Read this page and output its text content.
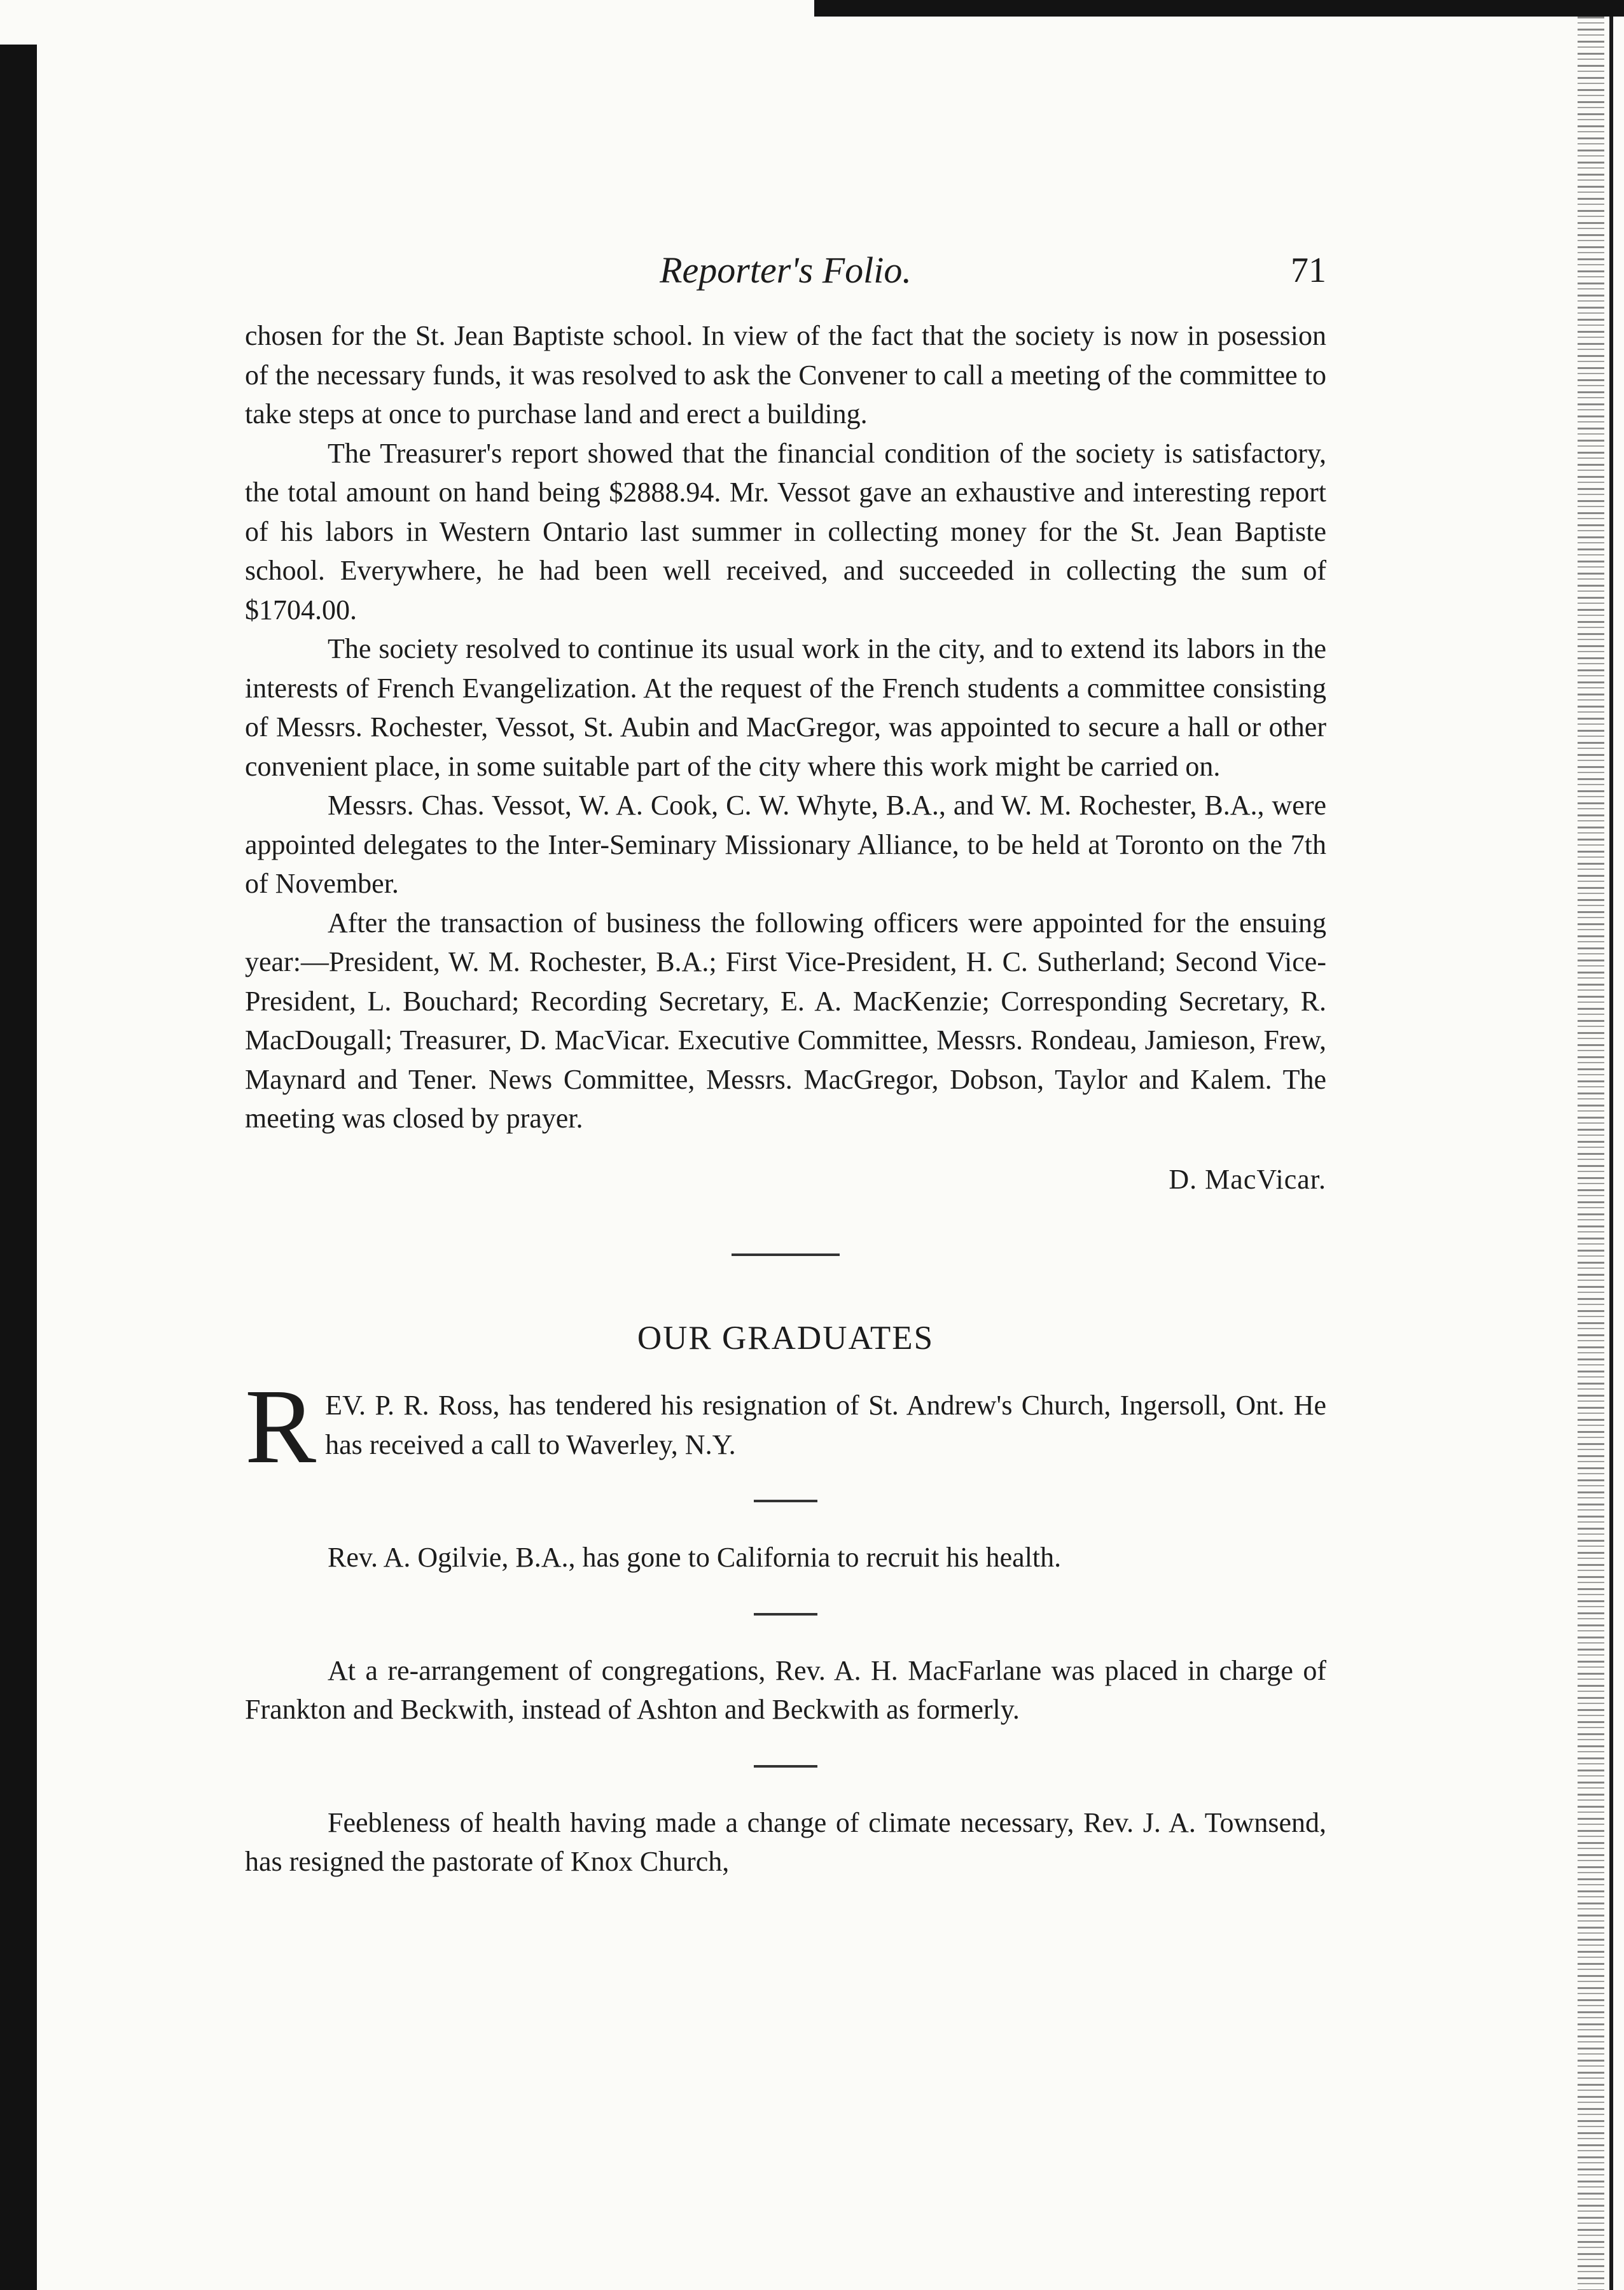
Reporter's Folio.	71

chosen for the St. Jean Baptiste school. In view of the fact that the society is now in posession of the necessary funds, it was resolved to ask the Convener to call a meeting of the committee to take steps at once to purchase land and erect a building.

The Treasurer's report showed that the financial condition of the society is satisfactory, the total amount on hand being $2888.94. Mr. Vessot gave an exhaustive and interesting report of his labors in Western Ontario last summer in collecting money for the St. Jean Baptiste school. Everywhere, he had been well received, and succeeded in collecting the sum of $1704.00.

The society resolved to continue its usual work in the city, and to extend its labors in the interests of French Evangelization. At the request of the French students a committee consisting of Messrs. Rochester, Vessot, St. Aubin and MacGregor, was appointed to secure a hall or other convenient place, in some suitable part of the city where this work might be carried on.

Messrs. Chas. Vessot, W. A. Cook, C. W. Whyte, B.A., and W. M. Rochester, B.A., were appointed delegates to the Inter-Seminary Missionary Alliance, to be held at Toronto on the 7th of November.

After the transaction of business the following officers were appointed for the ensuing year:—President, W. M. Rochester, B.A.; First Vice-President, H. C. Sutherland; Second Vice-President, L. Bouchard; Recording Secretary, E. A. MacKenzie; Corresponding Secretary, R. MacDougall; Treasurer, D. MacVicar. Executive Committee, Messrs. Rondeau, Jamieson, Frew, Maynard and Tener. News Committee, Messrs. MacGregor, Dobson, Taylor and Kalem. The meeting was closed by prayer.

D. MacVicar.

OUR GRADUATES

R EV. P. R. Ross, has tendered his resignation of St. Andrew's Church, Ingersoll, Ont. He has received a call to Waverley, N.Y.

Rev. A. Ogilvie, B.A., has gone to California to recruit his health.

At a re-arrangement of congregations, Rev. A. H. MacFarlane was placed in charge of Frankton and Beckwith, instead of Ashton and Beckwith as formerly.

Feebleness of health having made a change of climate necessary, Rev. J. A. Townsend, has resigned the pastorate of Knox Church,
